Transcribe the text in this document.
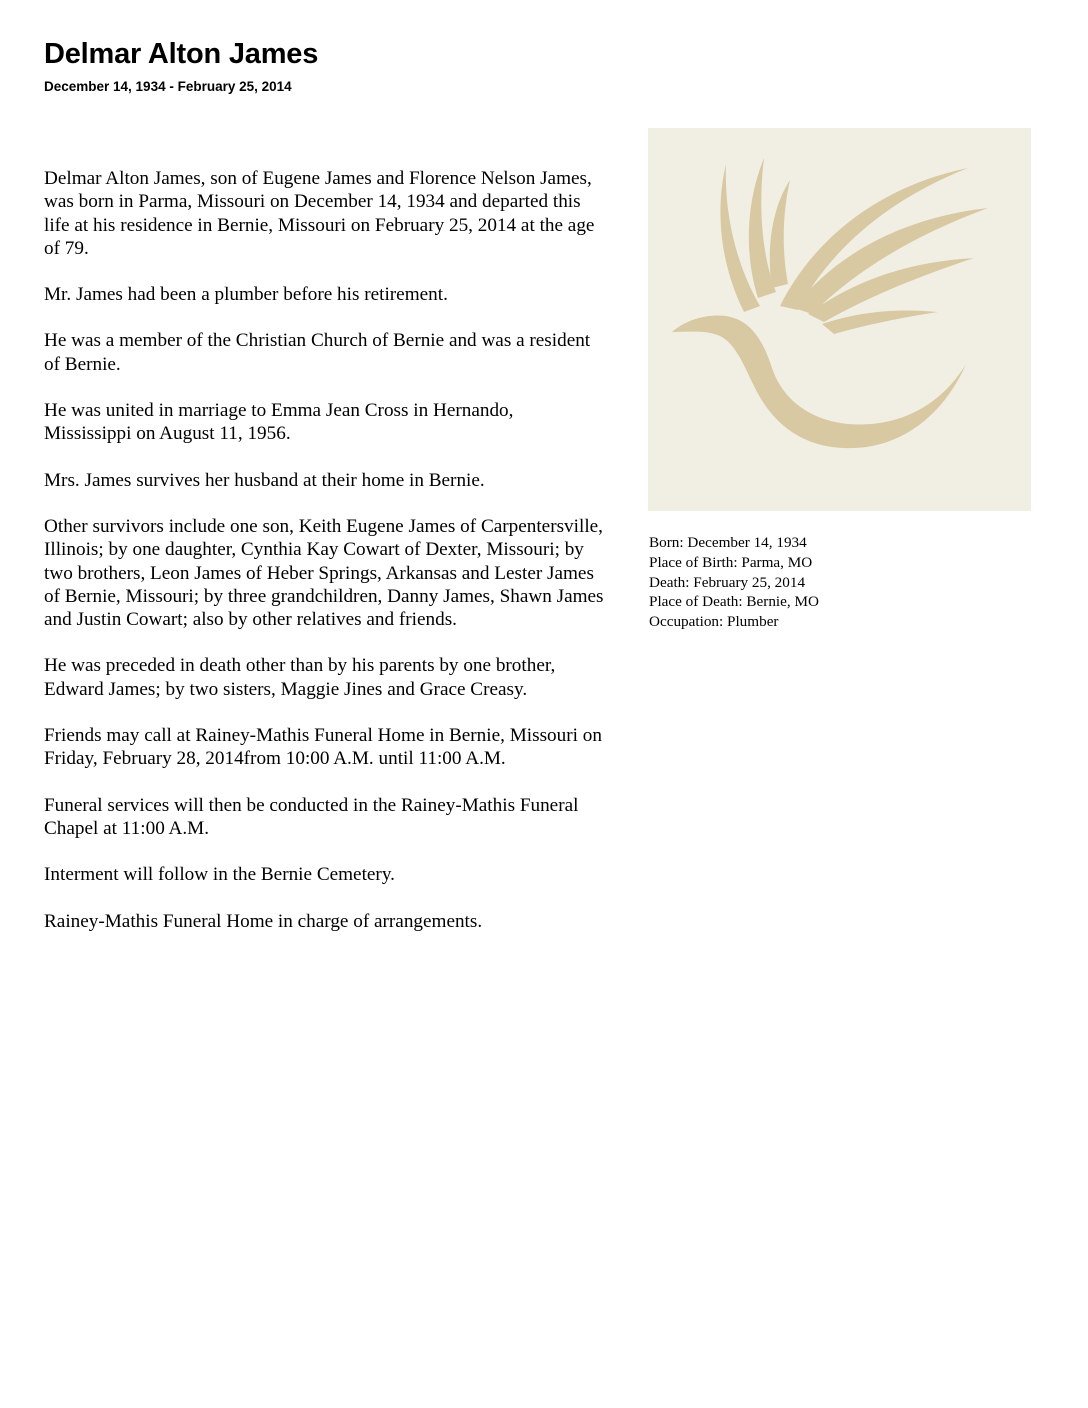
Delmar Alton James
December 14, 1934 - February 25, 2014

Delmar Alton James, son of Eugene James and Florence Nelson James, was born in Parma, Missouri on December 14, 1934 and departed this life at his residence in Bernie, Missouri on February 25, 2014 at the age of 79.

Mr. James had been a plumber before his retirement.

He was a member of the Christian Church of Bernie and was a resident of Bernie.

He was united in marriage to Emma Jean Cross in Hernando, Mississippi on August 11, 1956.

Mrs. James survives her husband at their home in Bernie.

Other survivors include one son, Keith Eugene James of Carpentersville, Illinois; by one daughter, Cynthia Kay Cowart of Dexter, Missouri; by two brothers, Leon James of Heber Springs, Arkansas and Lester James of Bernie, Missouri; by three grandchildren, Danny James, Shawn James and Justin Cowart; also by other relatives and friends.

He was preceded in death other than by his parents by one brother, Edward James; by two sisters, Maggie Jines and Grace Creasy.

Friends may call at Rainey-Mathis Funeral Home in Bernie, Missouri on Friday, February 28, 2014from 10:00 A.M. until 11:00 A.M.

Funeral services will then be conducted in the Rainey-Mathis Funeral Chapel at 11:00 A.M.

Interment will follow in the Bernie Cemetery.

Rainey-Mathis Funeral Home in charge of arrangements.

Born: December 14, 1934
Place of Birth: Parma, MO
Death: February 25, 2014
Place of Death: Bernie, MO
Occupation: Plumber
